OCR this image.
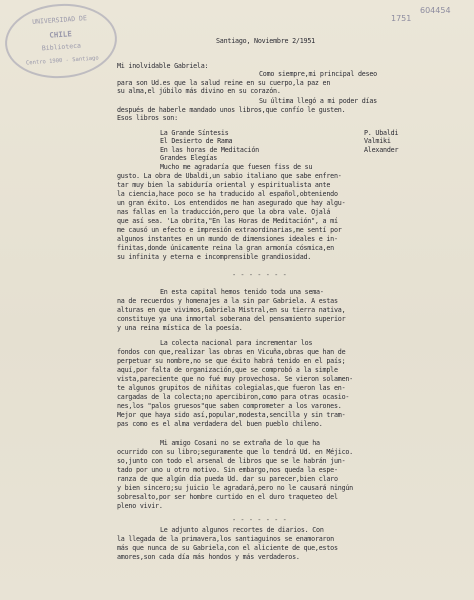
UNIVERSIDAD DE
CHILE
Biblioteca
Centro 1900 - Santiago
1751
604454
Santiago, Noviembre 2/1951
Mi inolvidable Gabriela:
Como siempre,mi principal deseo
para son Ud.es que la salud reine en su cuerpo,la paz en
su alma,el júbilo más divino en su corazón.
Su última llegó a mi poder días
después de haberle mandado unos libros,que confío le gusten.
Esos libros son:
La Grande Síntesis	P. Ubaldi
El Desierto de Rama	Valmiki
En las horas de Meditación	Alexander
Grandes Elegías
Mucho me agradaría que fuesen fiss de su
gusto. La obra de Ubaldi,un sabio italiano que sabe enfren-
tar muy bien la sabiduría oriental y espiritualista ante
la ciencia,hace poco se ha traducido al español,obteniendo
un gran éxito. Los entendidos me han asegurado que hay algu-
nas fallas en la traducción,pero que la obra vale. Ojalá
que así sea. 'La obrita,"En las Horas de Meditación", a mí
me causó un efecto e impresión extraordinarias,me sentí por
algunos instantes en un mundo de dimensiones ideales e in-
finitas,donde únicamente reina la gran armonía cósmica,en
su infinita y eterna e incomprensible grandiosidad.
- - - - - - -
En esta capital hemos tenido toda una sema-
na de recuerdos y homenajes a la sin par Gabriela. A estas
alturas en que vivimos,Gabriela Mistral,en su tierra nativa,
constituye ya una inmortal soberana del pensamiento superior
y una reina mística de la poesía.
La colecta nacional para incrementar los
fondos con que,realizar las obras en Vicuña,obras que han de
perpetuar su nombre,no se que éxito habrá tenido en el país;
aquí,por falta de organización,que se comprobó a la simple
vista,pareciente que no fué muy provechosa. Se vieron solamen-
te algunos grupitos de niñitas colegialas,que fueron las en-
cargadas de la colecta;no apercibiron,como para otras ocasio-
nes,los "palos gruesos"que saben comprometer a los varones.
Mejor que haya sido así,popular,modesta,sencilla y sin tram-
pas como es el alma verdadera del buen pueblo chileno.
Mi amigo Cosani no se extraña de lo que ha
ocurrido con su libro;seguramente que lo tendrá Ud. en Méjico.
so,junto con todo el arsenal de libros que se le habrán jun-
tado por uno u otro motivo. Sin embargo,nos queda la espe-
ranza de que algún día pueda Ud. dar su parecer,bien claro
y bien sincero;su juicio le agradará,pero no le causará ningún
sobresalto,por ser hombre curtido en el duro traqueteo del
pleno vivir.
- - - - - - -
Le adjunto algunos recortes de diarios. Con
la llegada de la primavera,los santiaguinos se enamoraron
más que nunca de su Gabriela,con el aliciente de que,estos
amores,son cada día más hondos y más verdaderos.
